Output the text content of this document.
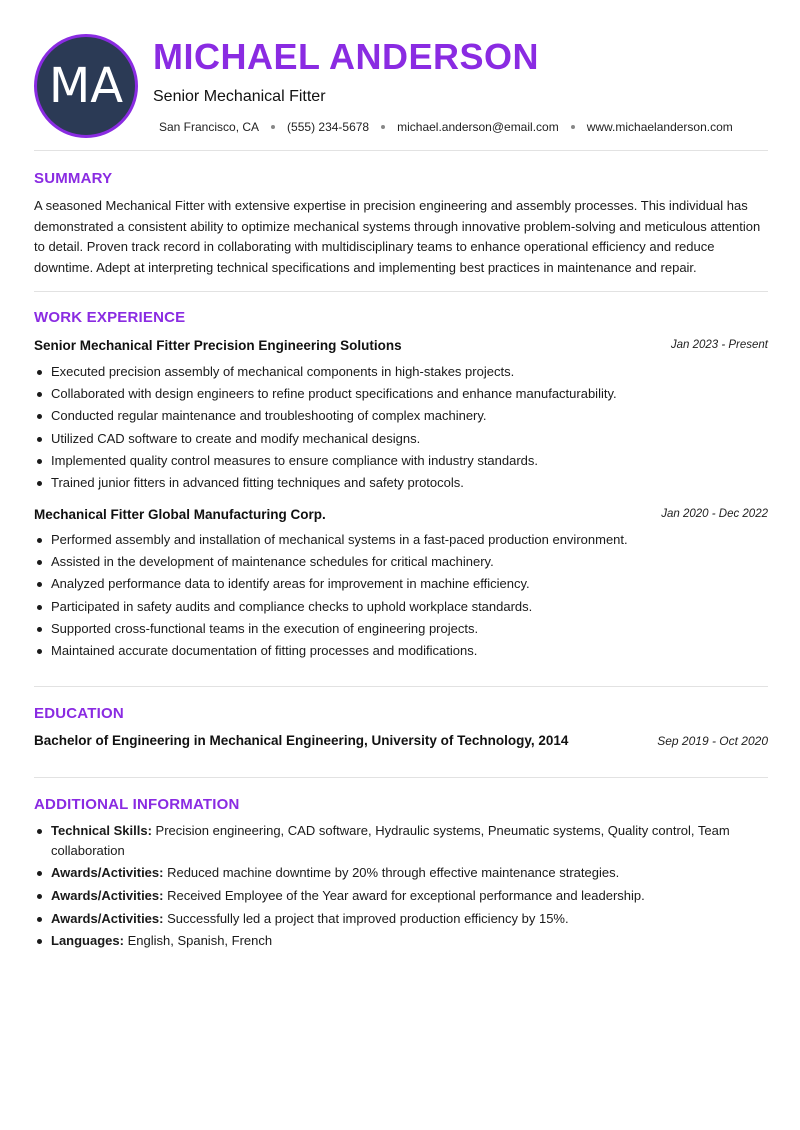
MA
MICHAEL ANDERSON
Senior Mechanical Fitter
San Francisco, CA (555) 234-5678 michael.anderson@email.com www.michaelanderson.com
SUMMARY
A seasoned Mechanical Fitter with extensive expertise in precision engineering and assembly processes. This individual has demonstrated a consistent ability to optimize mechanical systems through innovative problem-solving and meticulous attention to detail. Proven track record in collaborating with multidisciplinary teams to enhance operational efficiency and reduce downtime. Adept at interpreting technical specifications and implementing best practices in maintenance and repair.
WORK EXPERIENCE
Senior Mechanical Fitter Precision Engineering Solutions	Jan 2023 - Present
Executed precision assembly of mechanical components in high-stakes projects.
Collaborated with design engineers to refine product specifications and enhance manufacturability.
Conducted regular maintenance and troubleshooting of complex machinery.
Utilized CAD software to create and modify mechanical designs.
Implemented quality control measures to ensure compliance with industry standards.
Trained junior fitters in advanced fitting techniques and safety protocols.
Mechanical Fitter Global Manufacturing Corp.	Jan 2020 - Dec 2022
Performed assembly and installation of mechanical systems in a fast-paced production environment.
Assisted in the development of maintenance schedules for critical machinery.
Analyzed performance data to identify areas for improvement in machine efficiency.
Participated in safety audits and compliance checks to uphold workplace standards.
Supported cross-functional teams in the execution of engineering projects.
Maintained accurate documentation of fitting processes and modifications.
EDUCATION
Bachelor of Engineering in Mechanical Engineering, University of Technology, 2014	Sep 2019 - Oct 2020
ADDITIONAL INFORMATION
Technical Skills: Precision engineering, CAD software, Hydraulic systems, Pneumatic systems, Quality control, Team collaboration
Awards/Activities: Reduced machine downtime by 20% through effective maintenance strategies.
Awards/Activities: Received Employee of the Year award for exceptional performance and leadership.
Awards/Activities: Successfully led a project that improved production efficiency by 15%.
Languages: English, Spanish, French
